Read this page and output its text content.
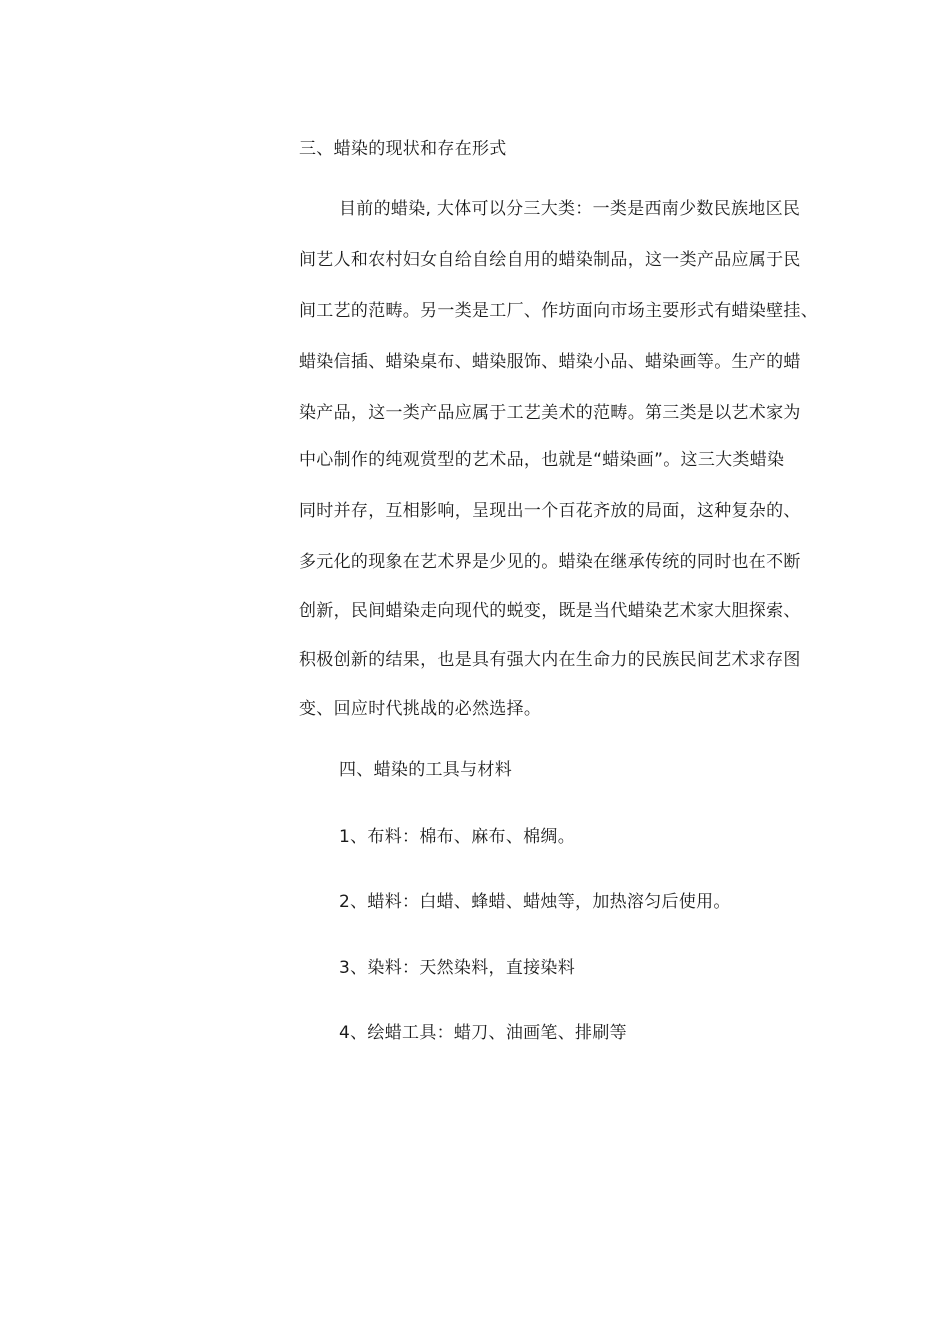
三、蜡染的现状和存在形式
目前的蜡染, 大体可以分三大类：一类是西南少数民族地区民
间艺人和农村妇女自给自绘自用的蜡染制品，这一类产品应属于民
间工艺的范畴。另一类是工厂、作坊面向市场主要形式有蜡染壁挂、
蜡染信插、蜡染桌布、蜡染服饰、蜡染小品、蜡染画等。生产的蜡
染产品，这一类产品应属于工艺美术的范畴。第三类是以艺术家为
中心制作的纯观赏型的艺术品，也就是“蜡染画”。这三大类蜡染
同时并存，互相影响，呈现出一个百花齐放的局面，这种复杂的、
多元化的现象在艺术界是少见的。蜡染在继承传统的同时也在不断
创新，民间蜡染走向现代的蜕变，既是当代蜡染艺术家大胆探索、
积极创新的结果，也是具有强大内在生命力的民族民间艺术求存图
变、回应时代挑战的必然选择。
四、蜡染的工具与材料
1、布料：棉布、麻布、棉绸。
2、蜡料：白蜡、蜂蜡、蜡烛等，加热溶匀后使用。
3、染料：天然染料，直接染料
4、绘蜡工具：蜡刀、油画笔、排刷等
